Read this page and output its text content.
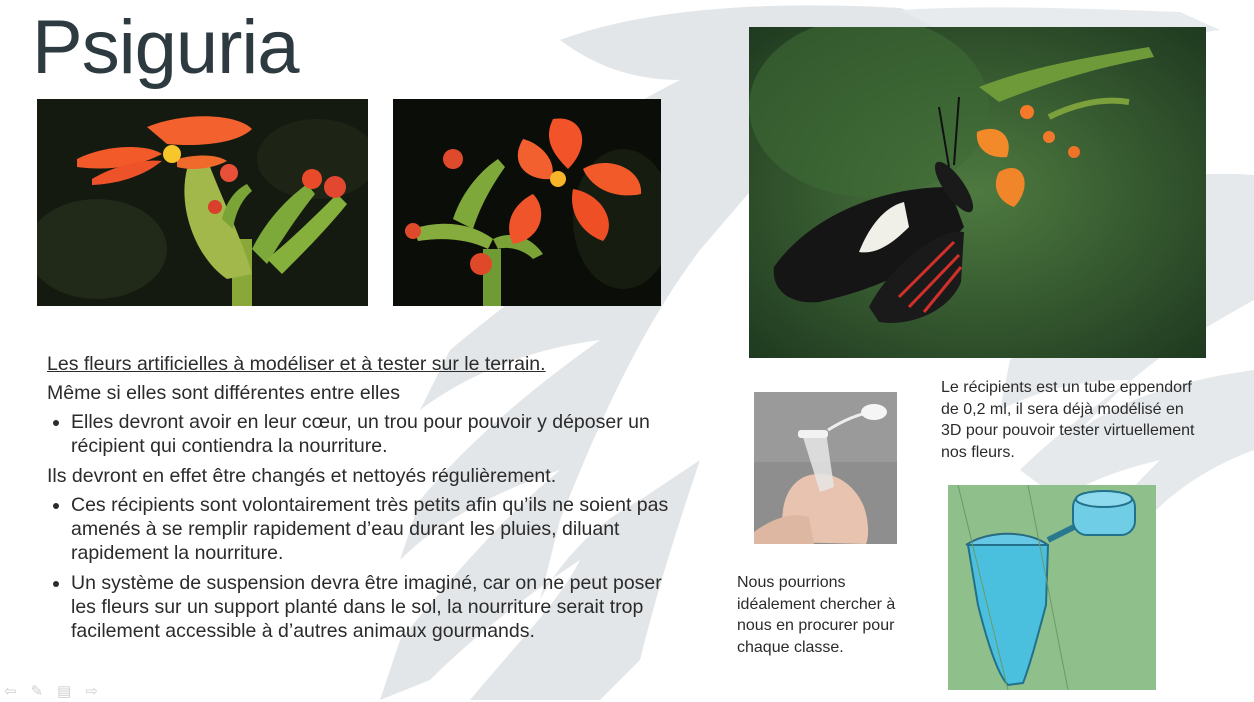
Psiguria

Les fleurs artificielles à modéliser et à tester sur le terrain.

Même si elles sont différentes entre elles

• Elles devront avoir en leur cœur, un trou pour pouvoir y déposer un récipient qui contiendra la nourriture.

Ils devront en effet être changés et nettoyés régulièrement.

• Ces récipients sont volontairement très petits afin qu’ils ne soient pas amenés à se remplir rapidement d’eau durant les pluies, diluant rapidement la nourriture.
• Un système de suspension devra être imaginé, car on ne peut poser les fleurs sur un support planté dans le sol, la nourriture serait trop facilement accessible à d’autres animaux gourmands.
Le récipients est un tube eppendorf de 0,2 ml, il sera déjà modélisé en 3D pour pouvoir tester virtuellement nos fleurs.
Nous pourrions idéalement chercher à nous en procurer pour chaque classe.
⇦ ✎ ▤ ⇨
